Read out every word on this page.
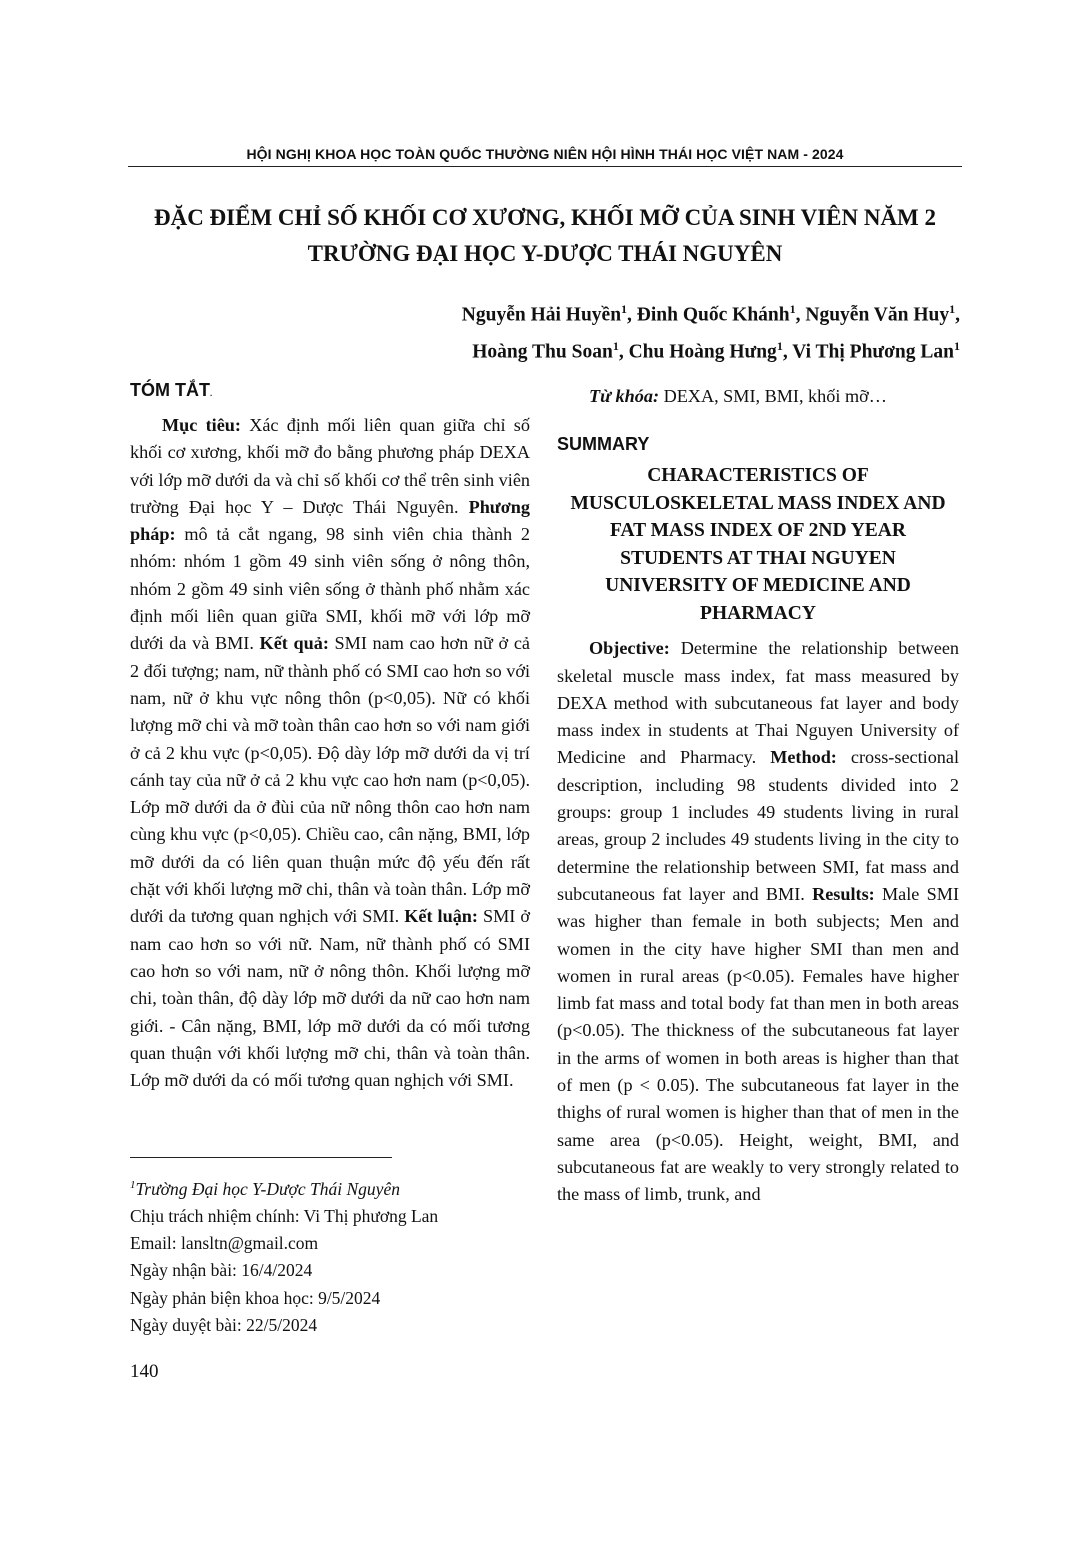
HỘI NGHỊ KHOA HỌC TOÀN QUỐC THƯỜNG NIÊN HỘI HÌNH THÁI HỌC VIỆT NAM - 2024
ĐẶC ĐIỂM CHỈ SỐ KHỐI CƠ XƯƠNG, KHỐI MỠ CỦA SINH VIÊN NĂM 2
TRƯỜNG ĐẠI HỌC Y-DƯỢC THÁI NGUYÊN
Nguyễn Hải Huyền$^1$, Đinh Quốc Khánh$^1$, Nguyễn Văn Huy$^1$,
Hoàng Thu Soan$^1$, Chu Hoàng Hưng$^1$, Vi Thị Phương Lan$^1$
TÓM TẮT.

Mục tiêu: Xác định mối liên quan giữa chỉ số khối cơ xương, khối mỡ đo bằng phương pháp DEXA với lớp mỡ dưới da và chỉ số khối cơ thể trên sinh viên trường Đại học Y – Dược Thái Nguyên. Phương pháp: mô tả cắt ngang, 98 sinh viên chia thành 2 nhóm: nhóm 1 gồm 49 sinh viên sống ở nông thôn, nhóm 2 gồm 49 sinh viên sống ở thành phố nhằm xác định mối liên quan giữa SMI, khối mỡ với lớp mỡ dưới da và BMI. Kết quả: SMI nam cao hơn nữ ở cả 2 đối tượng; nam, nữ thành phố có SMI cao hơn so với nam, nữ ở khu vực nông thôn (p<0,05). Nữ có khối lượng mỡ chi và mỡ toàn thân cao hơn so với nam giới ở cả 2 khu vực (p<0,05). Độ dày lớp mỡ dưới da vị trí cánh tay của nữ ở cả 2 khu vực cao hơn nam (p<0,05). Lớp mỡ dưới da ở đùi của nữ nông thôn cao hơn nam cùng khu vực (p<0,05). Chiều cao, cân nặng, BMI, lớp mỡ dưới da có liên quan thuận mức độ yếu đến rất chặt với khối lượng mỡ chi, thân và toàn thân. Lớp mỡ dưới da tương quan nghịch với SMI. Kết luận: SMI ở nam cao hơn so với nữ. Nam, nữ thành phố có SMI cao hơn so với nam, nữ ở nông thôn. Khối lượng mỡ chi, toàn thân, độ dày lớp mỡ dưới da nữ cao hơn nam giới. - Cân nặng, BMI, lớp mỡ dưới da có mối tương quan thuận với khối lượng mỡ chi, thân và toàn thân. Lớp mỡ dưới da có mối tương quan nghịch với SMI.

$^1$Trường Đại học Y-Dược Thái Nguyên
Chịu trách nhiệm chính: Vi Thị phương Lan
Email: lansltn@gmail.com
Ngày nhận bài: 16/4/2024
Ngày phản biện khoa học: 9/5/2024
Ngày duyệt bài: 22/5/2024
140

Từ khóa: DEXA, SMI, BMI, khối mỡ…

SUMMARY
CHARACTERISTICS OF MUSCULOSKELETAL MASS INDEX AND FAT MASS INDEX OF 2ND YEAR STUDENTS AT THAI NGUYEN UNIVERSITY OF MEDICINE AND PHARMACY

Objective: Determine the relationship between skeletal muscle mass index, fat mass measured by DEXA method with subcutaneous fat layer and body mass index in students at Thai Nguyen University of Medicine and Pharmacy. Method: cross-sectional description, including 98 students divided into 2 groups: group 1 includes 49 students living in rural areas, group 2 includes 49 students living in the city to determine the relationship between SMI, fat mass and subcutaneous fat layer and BMI. Results: Male SMI was higher than female in both subjects; Men and women in the city have higher SMI than men and women in rural areas (p<0.05). Females have higher limb fat mass and total body fat than men in both areas (p<0.05). The thickness of the subcutaneous fat layer in the arms of women in both areas is higher than that of men (p < 0.05). The subcutaneous fat layer in the thighs of rural women is higher than that of men in the same area (p<0.05). Height, weight, BMI, and subcutaneous fat are weakly to very strongly related to the mass of limb, trunk, and
